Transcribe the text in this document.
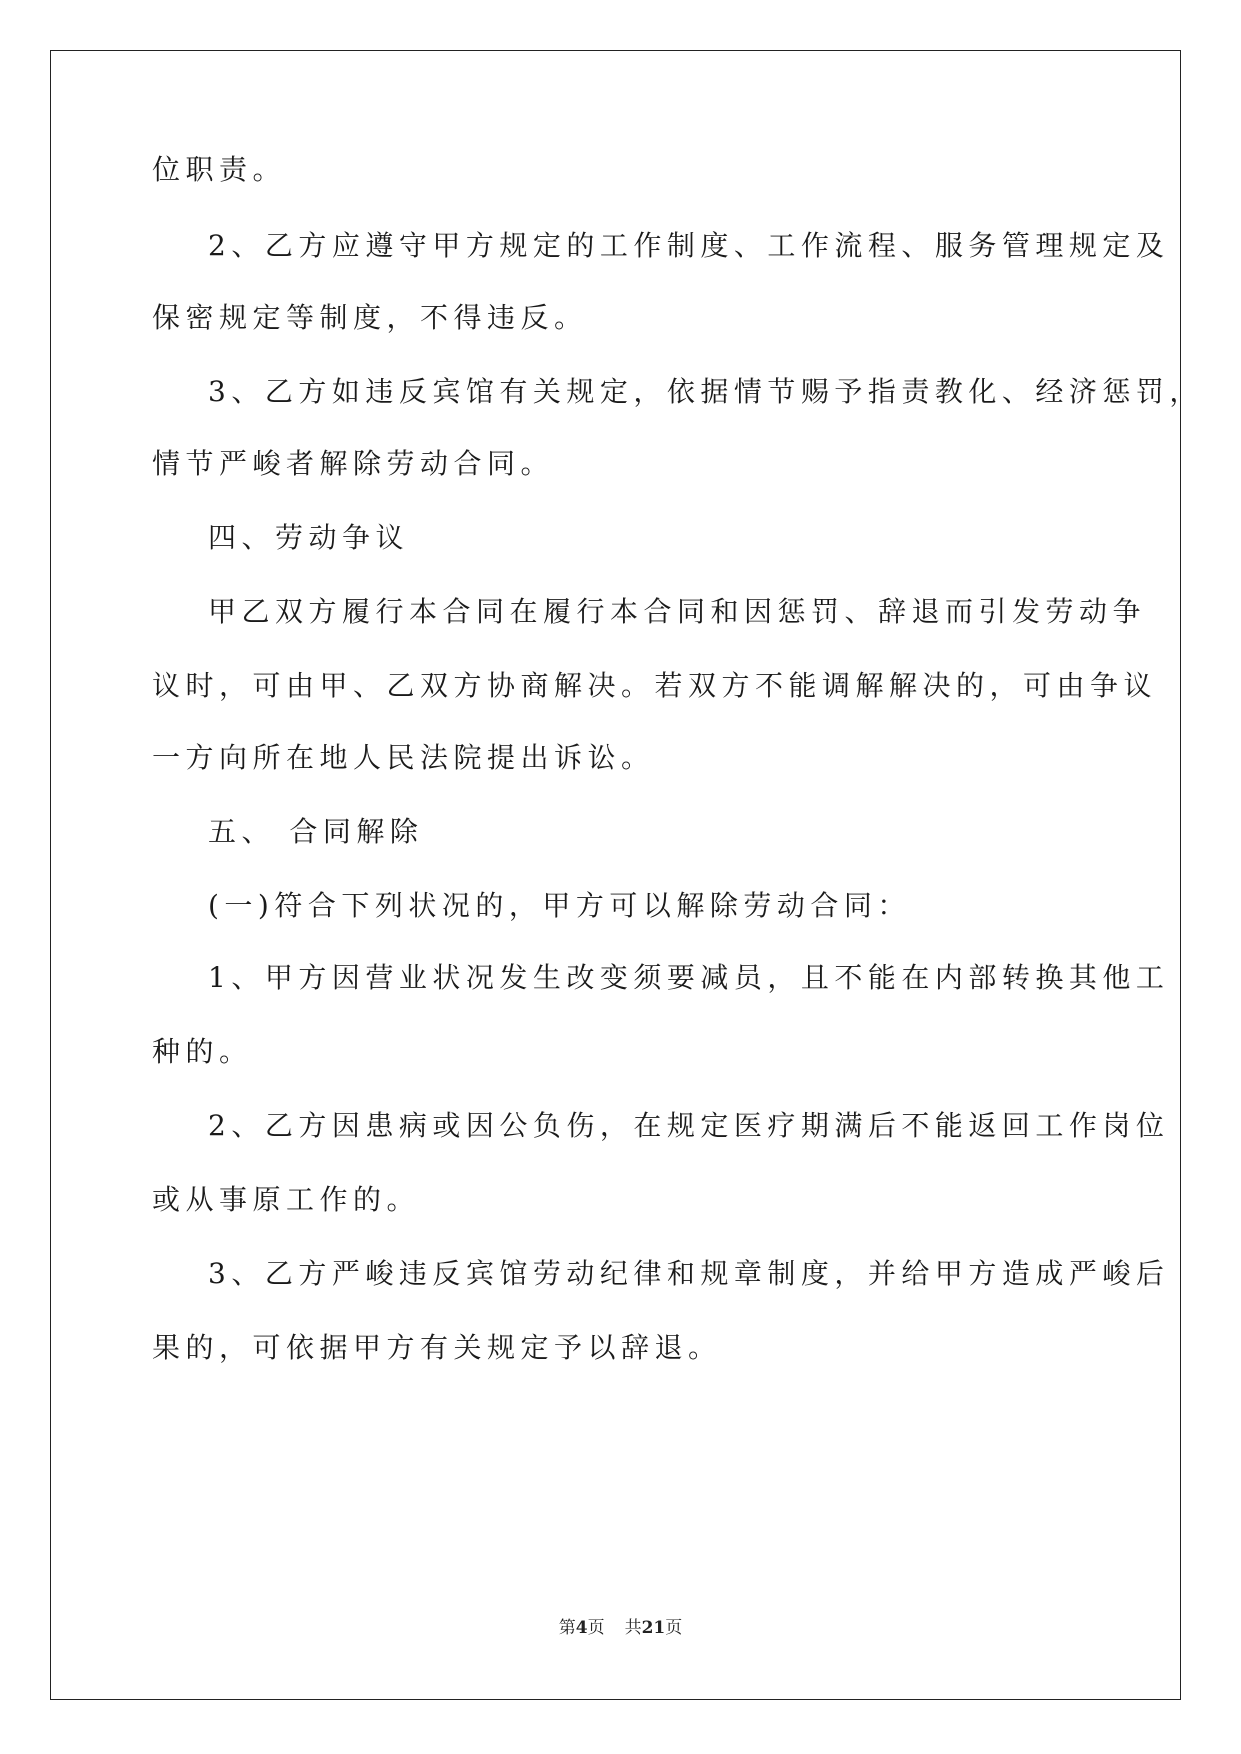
位职责。
2、乙方应遵守甲方规定的工作制度、工作流程、服务管理规定及
保密规定等制度，不得违反。
3、乙方如违反宾馆有关规定，依据情节赐予指责教化、经济惩罚，
情节严峻者解除劳动合同。
四、劳动争议
甲乙双方履行本合同在履行本合同和因惩罚、辞退而引发劳动争
议时，可由甲、乙双方协商解决。若双方不能调解解决的，可由争议
一方向所在地人民法院提出诉讼。
五、 合同解除
(一)符合下列状况的，甲方可以解除劳动合同：
1、甲方因营业状况发生改变须要减员，且不能在内部转换其他工
种的。
2、乙方因患病或因公负伤，在规定医疗期满后不能返回工作岗位
或从事原工作的。
3、乙方严峻违反宾馆劳动纪律和规章制度，并给甲方造成严峻后
果的，可依据甲方有关规定予以辞退。
第4页 共21页
